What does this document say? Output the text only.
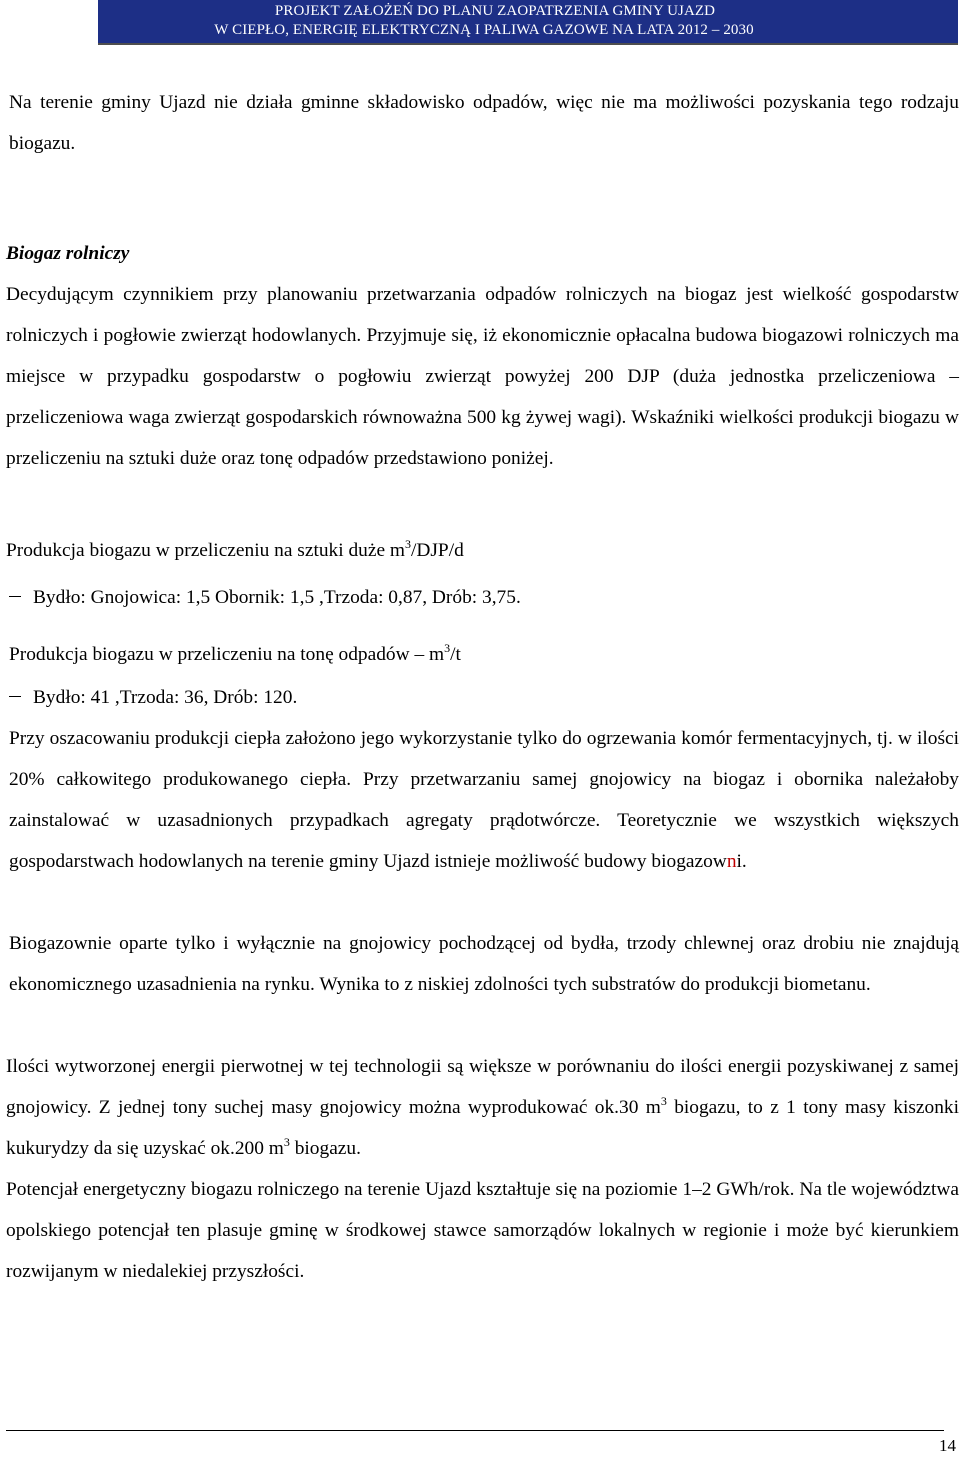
PROJEKT ZAŁOŻEŃ DO PLANU ZAOPATRZENIA GMINY UJAZD
W CIEPŁO, ENERGIĘ ELEKTRYCZNĄ I PALIWA GAZOWE NA LATA 2012 – 2030

Na terenie gminy Ujazd nie działa gminne składowisko odpadów, więc nie ma możliwości pozyskania tego rodzaju biogazu.

Biogaz rolniczy

Decydującym czynnikiem przy planowaniu przetwarzania odpadów rolniczych na biogaz jest wielkość gospodarstw rolniczych i pogłowie zwierząt hodowlanych. Przyjmuje się, iż ekonomicznie opłacalna budowa biogazowi rolniczych ma miejsce w przypadku gospodarstw o pogłowiu zwierząt powyżej 200 DJP (duża jednostka przeliczeniowa – przeliczeniowa waga zwierząt gospodarskich równoważna 500 kg żywej wagi). Wskaźniki wielkości produkcji biogazu w przeliczeniu na sztuki duże oraz tonę odpadów przedstawiono poniżej.

Produkcja biogazu w przeliczeniu na sztuki duże $m^3/DJP/d$
Bydło: Gnojowica: 1,5 Obornik: 1,5 ,Trzoda: 0,87, Drób: 3,75.
Produkcja biogazu w przeliczeniu na tonę odpadów – $m^3/t$
Bydło: 41 ,Trzoda: 36, Drób: 120.

Przy oszacowaniu produkcji ciepła założono jego wykorzystanie tylko do ogrzewania komór fermentacyjnych, tj. w ilości 20% całkowitego produkowanego ciepła. Przy przetwarzaniu samej gnojowicy na biogaz i obornika należałoby zainstalować w uzasadnionych przypadkach agregaty prądotwórcze. Teoretycznie we wszystkich większych gospodarstwach hodowlanych na terenie gminy Ujazd istnieje możliwość budowy biogazowni.

Biogazownie oparte tylko i wyłącznie na gnojowicy pochodzącej od bydła, trzody chlewnej oraz drobiu nie znajdują ekonomicznego uzasadnienia na rynku. Wynika to z niskiej zdolności tych substratów do produkcji biometanu.

Ilości wytworzonej energii pierwotnej w tej technologii są większe w porównaniu do ilości energii pozyskiwanej z samej gnojowicy. Z jednej tony suchej masy gnojowicy można wyprodukować ok.30 $m^3$ biogazu, to z 1 tony masy kiszonki kukurydzy da się uzyskać ok.200 $m^3$ biogazu.

Potencjał energetyczny biogazu rolniczego na terenie Ujazd kształtuje się na poziomie 1–2 GWh/rok. Na tle województwa opolskiego potencjał ten plasuje gminę w środkowej stawce samorządów lokalnych w regionie i może być kierunkiem rozwijanym w niedalekiej przyszłości.

14
